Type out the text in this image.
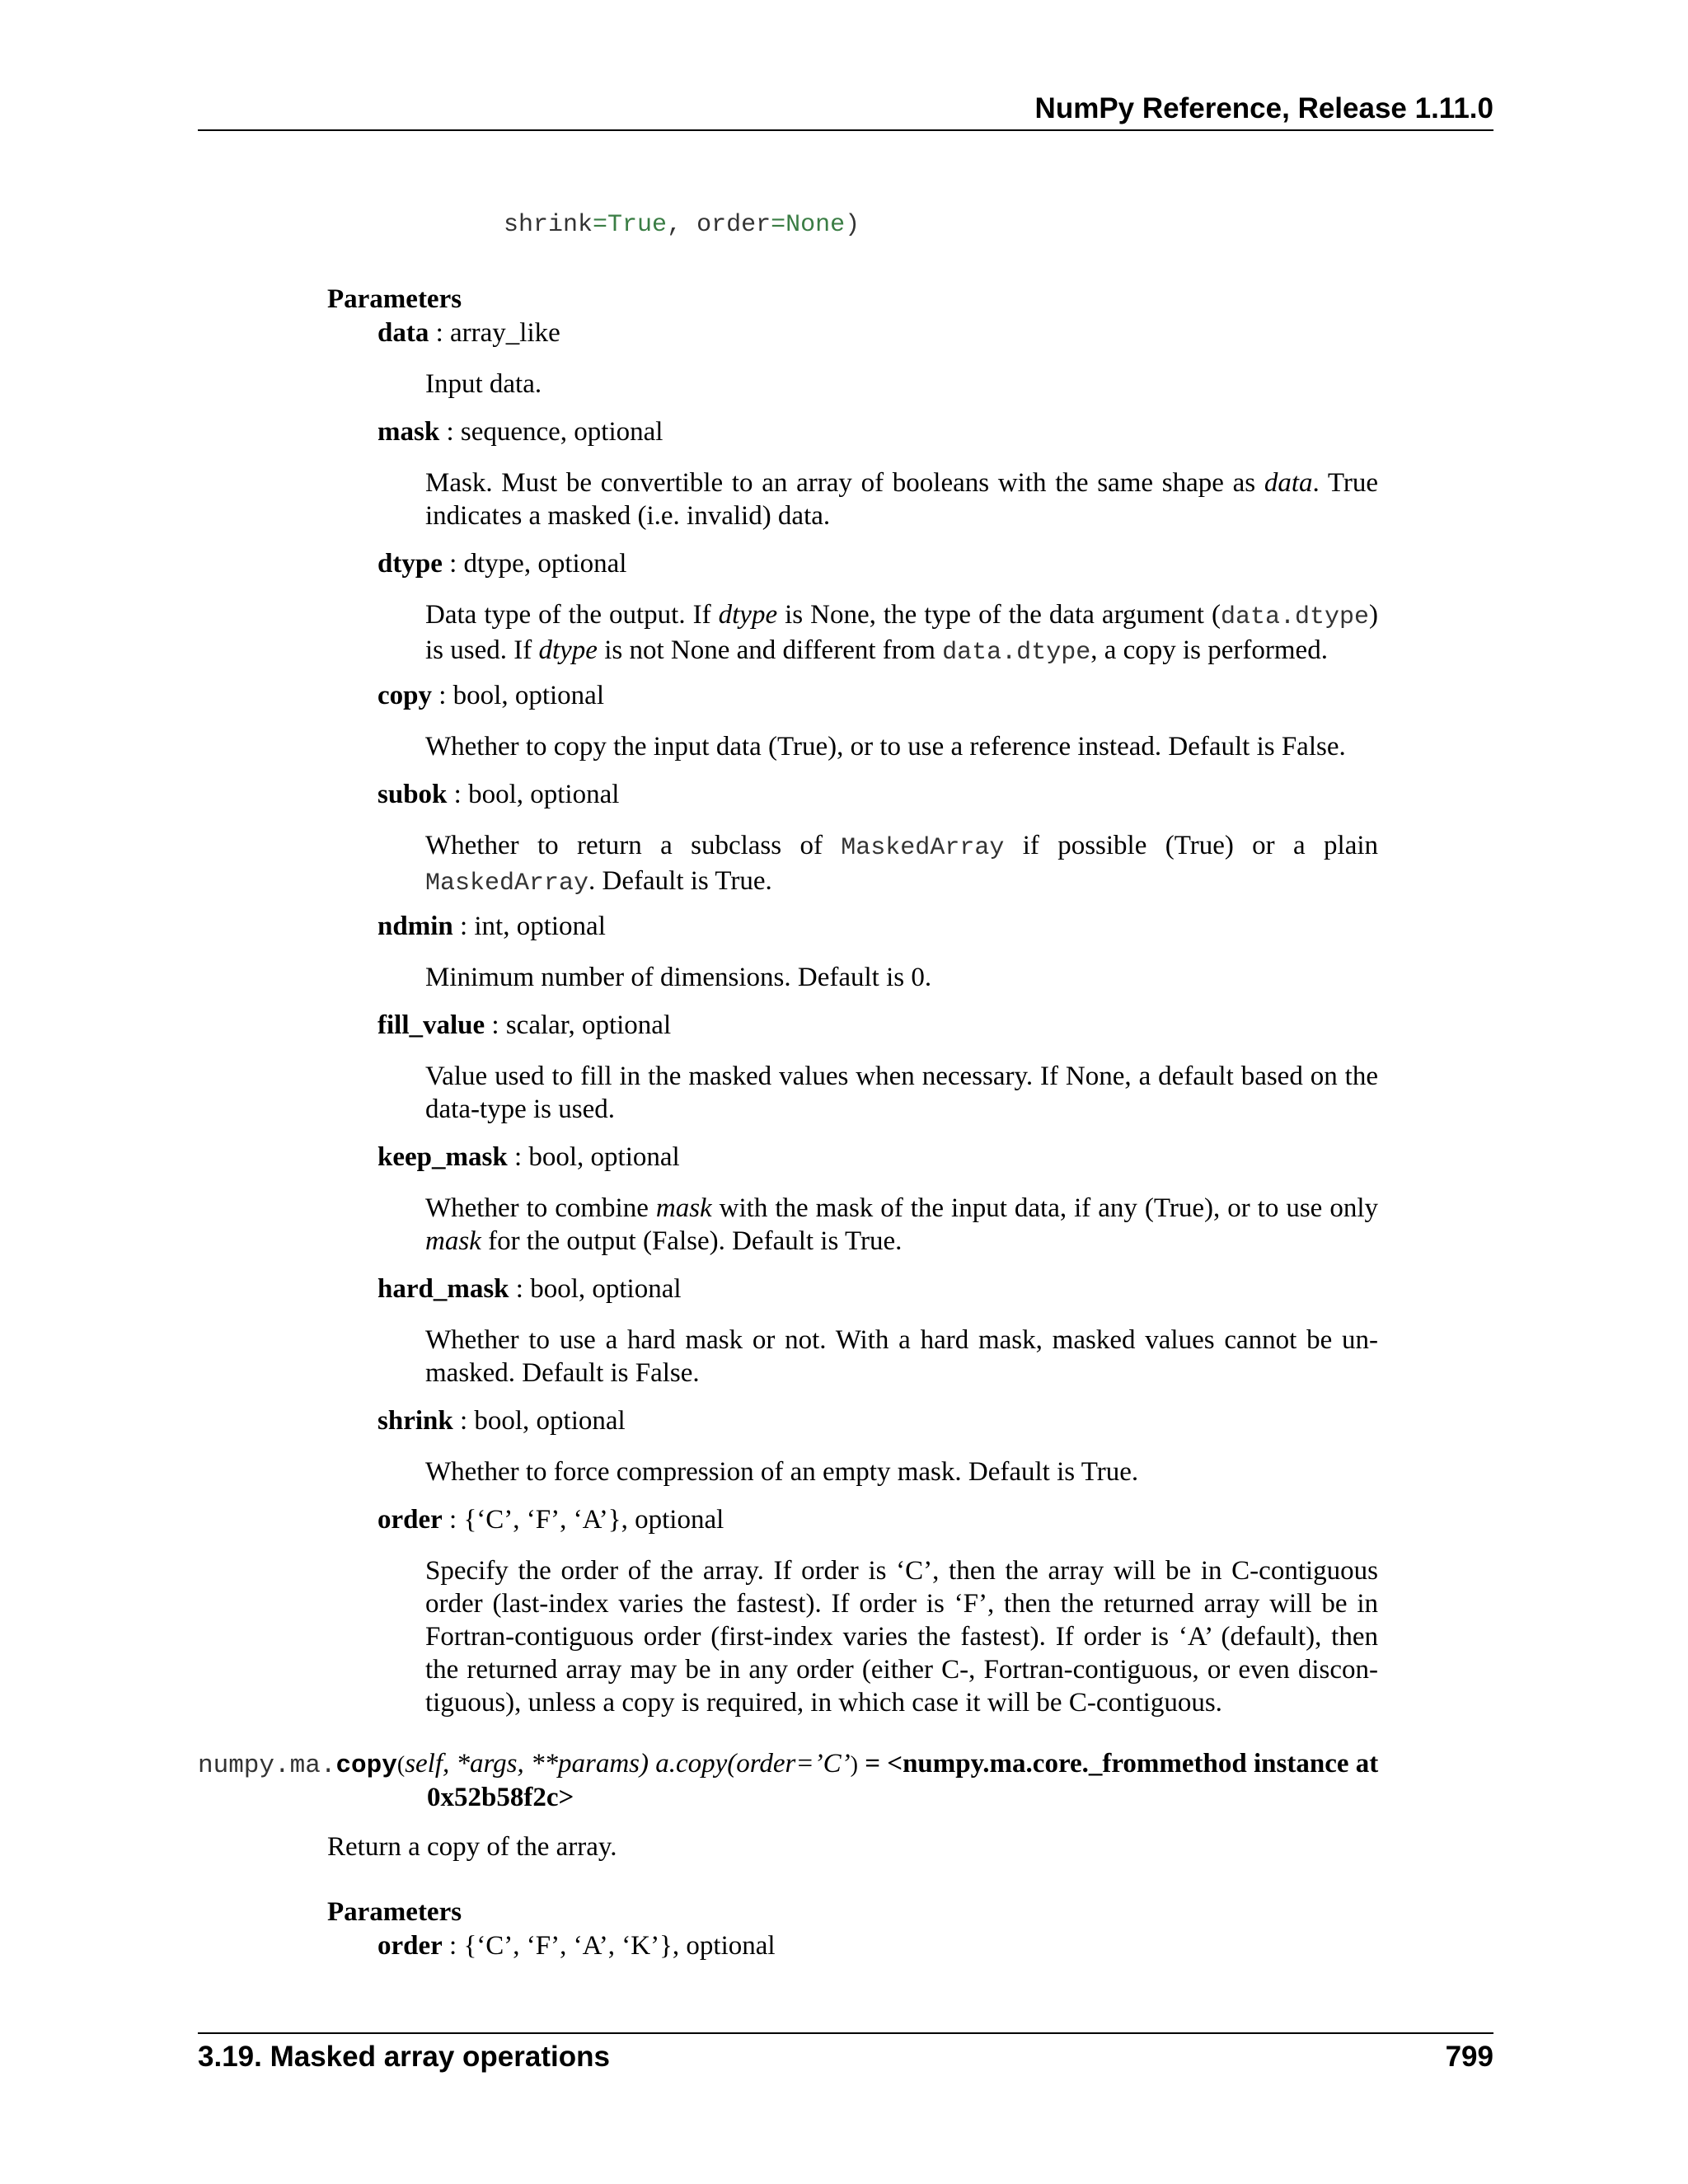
NumPy Reference, Release 1.11.0
shrink=True, order=None)
Parameters
data : array_like
Input data.
mask : sequence, optional
Mask. Must be convertible to an array of booleans with the same shape as data. True indicates a masked (i.e. invalid) data.
dtype : dtype, optional
Data type of the output. If dtype is None, the type of the data argument (data.dtype) is used. If dtype is not None and different from data.dtype, a copy is performed.
copy : bool, optional
Whether to copy the input data (True), or to use a reference instead. Default is False.
subok : bool, optional
Whether to return a subclass of MaskedArray if possible (True) or a plain MaskedArray. Default is True.
ndmin : int, optional
Minimum number of dimensions. Default is 0.
fill_value : scalar, optional
Value used to fill in the masked values when necessary. If None, a default based on the data-type is used.
keep_mask : bool, optional
Whether to combine mask with the mask of the input data, if any (True), or to use only mask for the output (False). Default is True.
hard_mask : bool, optional
Whether to use a hard mask or not. With a hard mask, masked values cannot be un-masked. Default is False.
shrink : bool, optional
Whether to force compression of an empty mask. Default is True.
order : {‘C’, ‘F’, ‘A’}, optional
Specify the order of the array. If order is ‘C’, then the array will be in C-contiguous order (last-index varies the fastest). If order is ‘F’, then the returned array will be in Fortran-contiguous order (first-index varies the fastest). If order is ‘A’ (default), then the returned array may be in any order (either C-, Fortran-contiguous, or even discon-tiguous), unless a copy is required, in which case it will be C-contiguous.
numpy.ma.copy(self, *args, **params) a.copy(order=’C’) = <numpy.ma.core._frommethod instance at
0x52b58f2c>
Return a copy of the array.
Parameters
order : {‘C’, ‘F’, ‘A’, ‘K’}, optional
3.19. Masked array operations	799
